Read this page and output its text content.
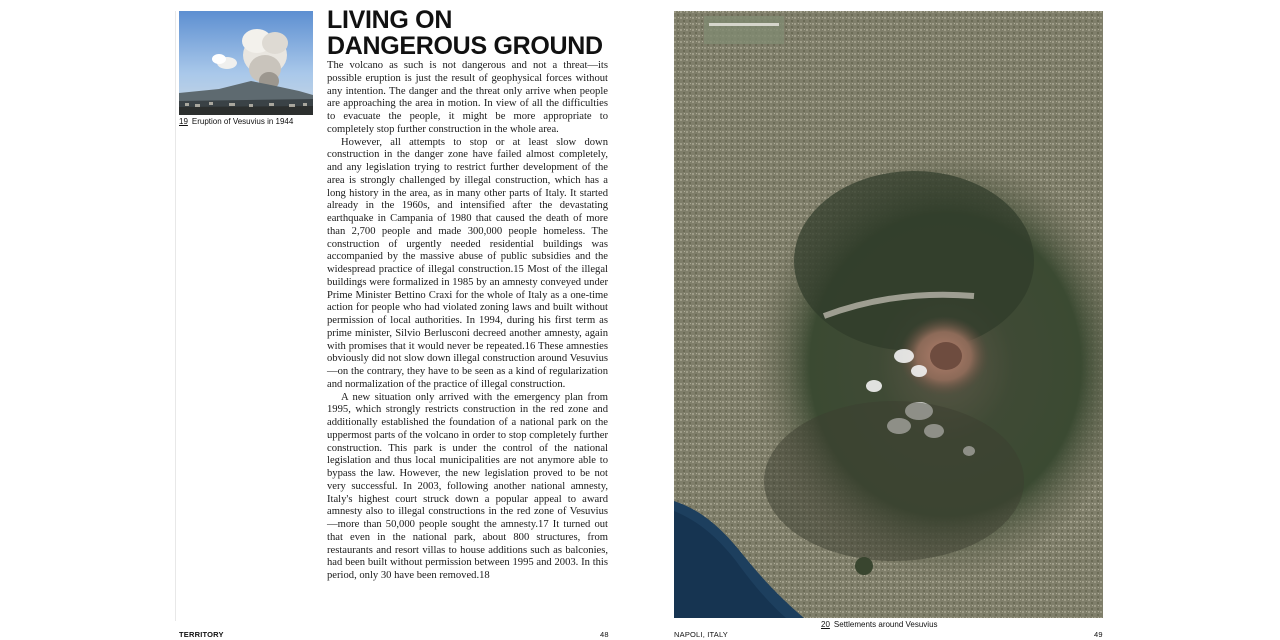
19 Eruption of Vesuvius in 1944
LIVING ON
DANGEROUS GROUND

The volcano as such is not dangerous and not a threat—its possible eruption is just the result of geophysical forces without any intention. The danger and the threat only arrive when people are approaching the area in motion. In view of all the difficulties to evacuate the people, it might be more appropriate to completely stop further construction in the whole area.

However, all attempts to stop or at least slow down construction in the danger zone have failed almost completely, and any legislation trying to restrict further development of the area is strongly challenged by illegal construction, which has a long history in the area, as in many other parts of Italy. It started already in the 1960s, and intensified after the devastating earthquake in Campania of 1980 that caused the death of more than 2,700 people and made 300,000 people homeless. The construction of urgently needed residential buildings was accompanied by the massive abuse of public subsidies and the widespread practice of illegal construction.15 Most of the illegal buildings were formalized in 1985 by an amnesty conveyed under Prime Minister Bettino Craxi for the whole of Italy as a one-time action for people who had violated zoning laws and built without permission of local authorities. In 1994, during his first term as prime minister, Silvio Berlusconi decreed another amnesty, again with promises that it would never be repeated.16 These amnesties obviously did not slow down illegal construction around Vesuvius—on the contrary, they have to be seen as a kind of regularization and normalization of the practice of illegal construction.

A new situation only arrived with the emergency plan from 1995, which strongly restricts construction in the red zone and additionally established the foundation of a national park on the uppermost parts of the volcano in order to stop completely further construction. This park is under the control of the national legislation and thus local municipalities are not anymore able to bypass the law. However, the new legislation proved to be not very successful. In 2003, following another national amnesty, Italy's highest court struck down a popular appeal to award amnesty also to illegal constructions in the red zone of Vesuvius—more than 50,000 people sought the amnesty.17 It turned out that even in the national park, about 800 structures, from restaurants and resort villas to house additions such as balconies, had been built without permission between 1995 and 2003. In this period, only 30 have been removed.18

TERRITORY	48
20 Settlements around Vesuvius
NAPOLI, ITALY	49
